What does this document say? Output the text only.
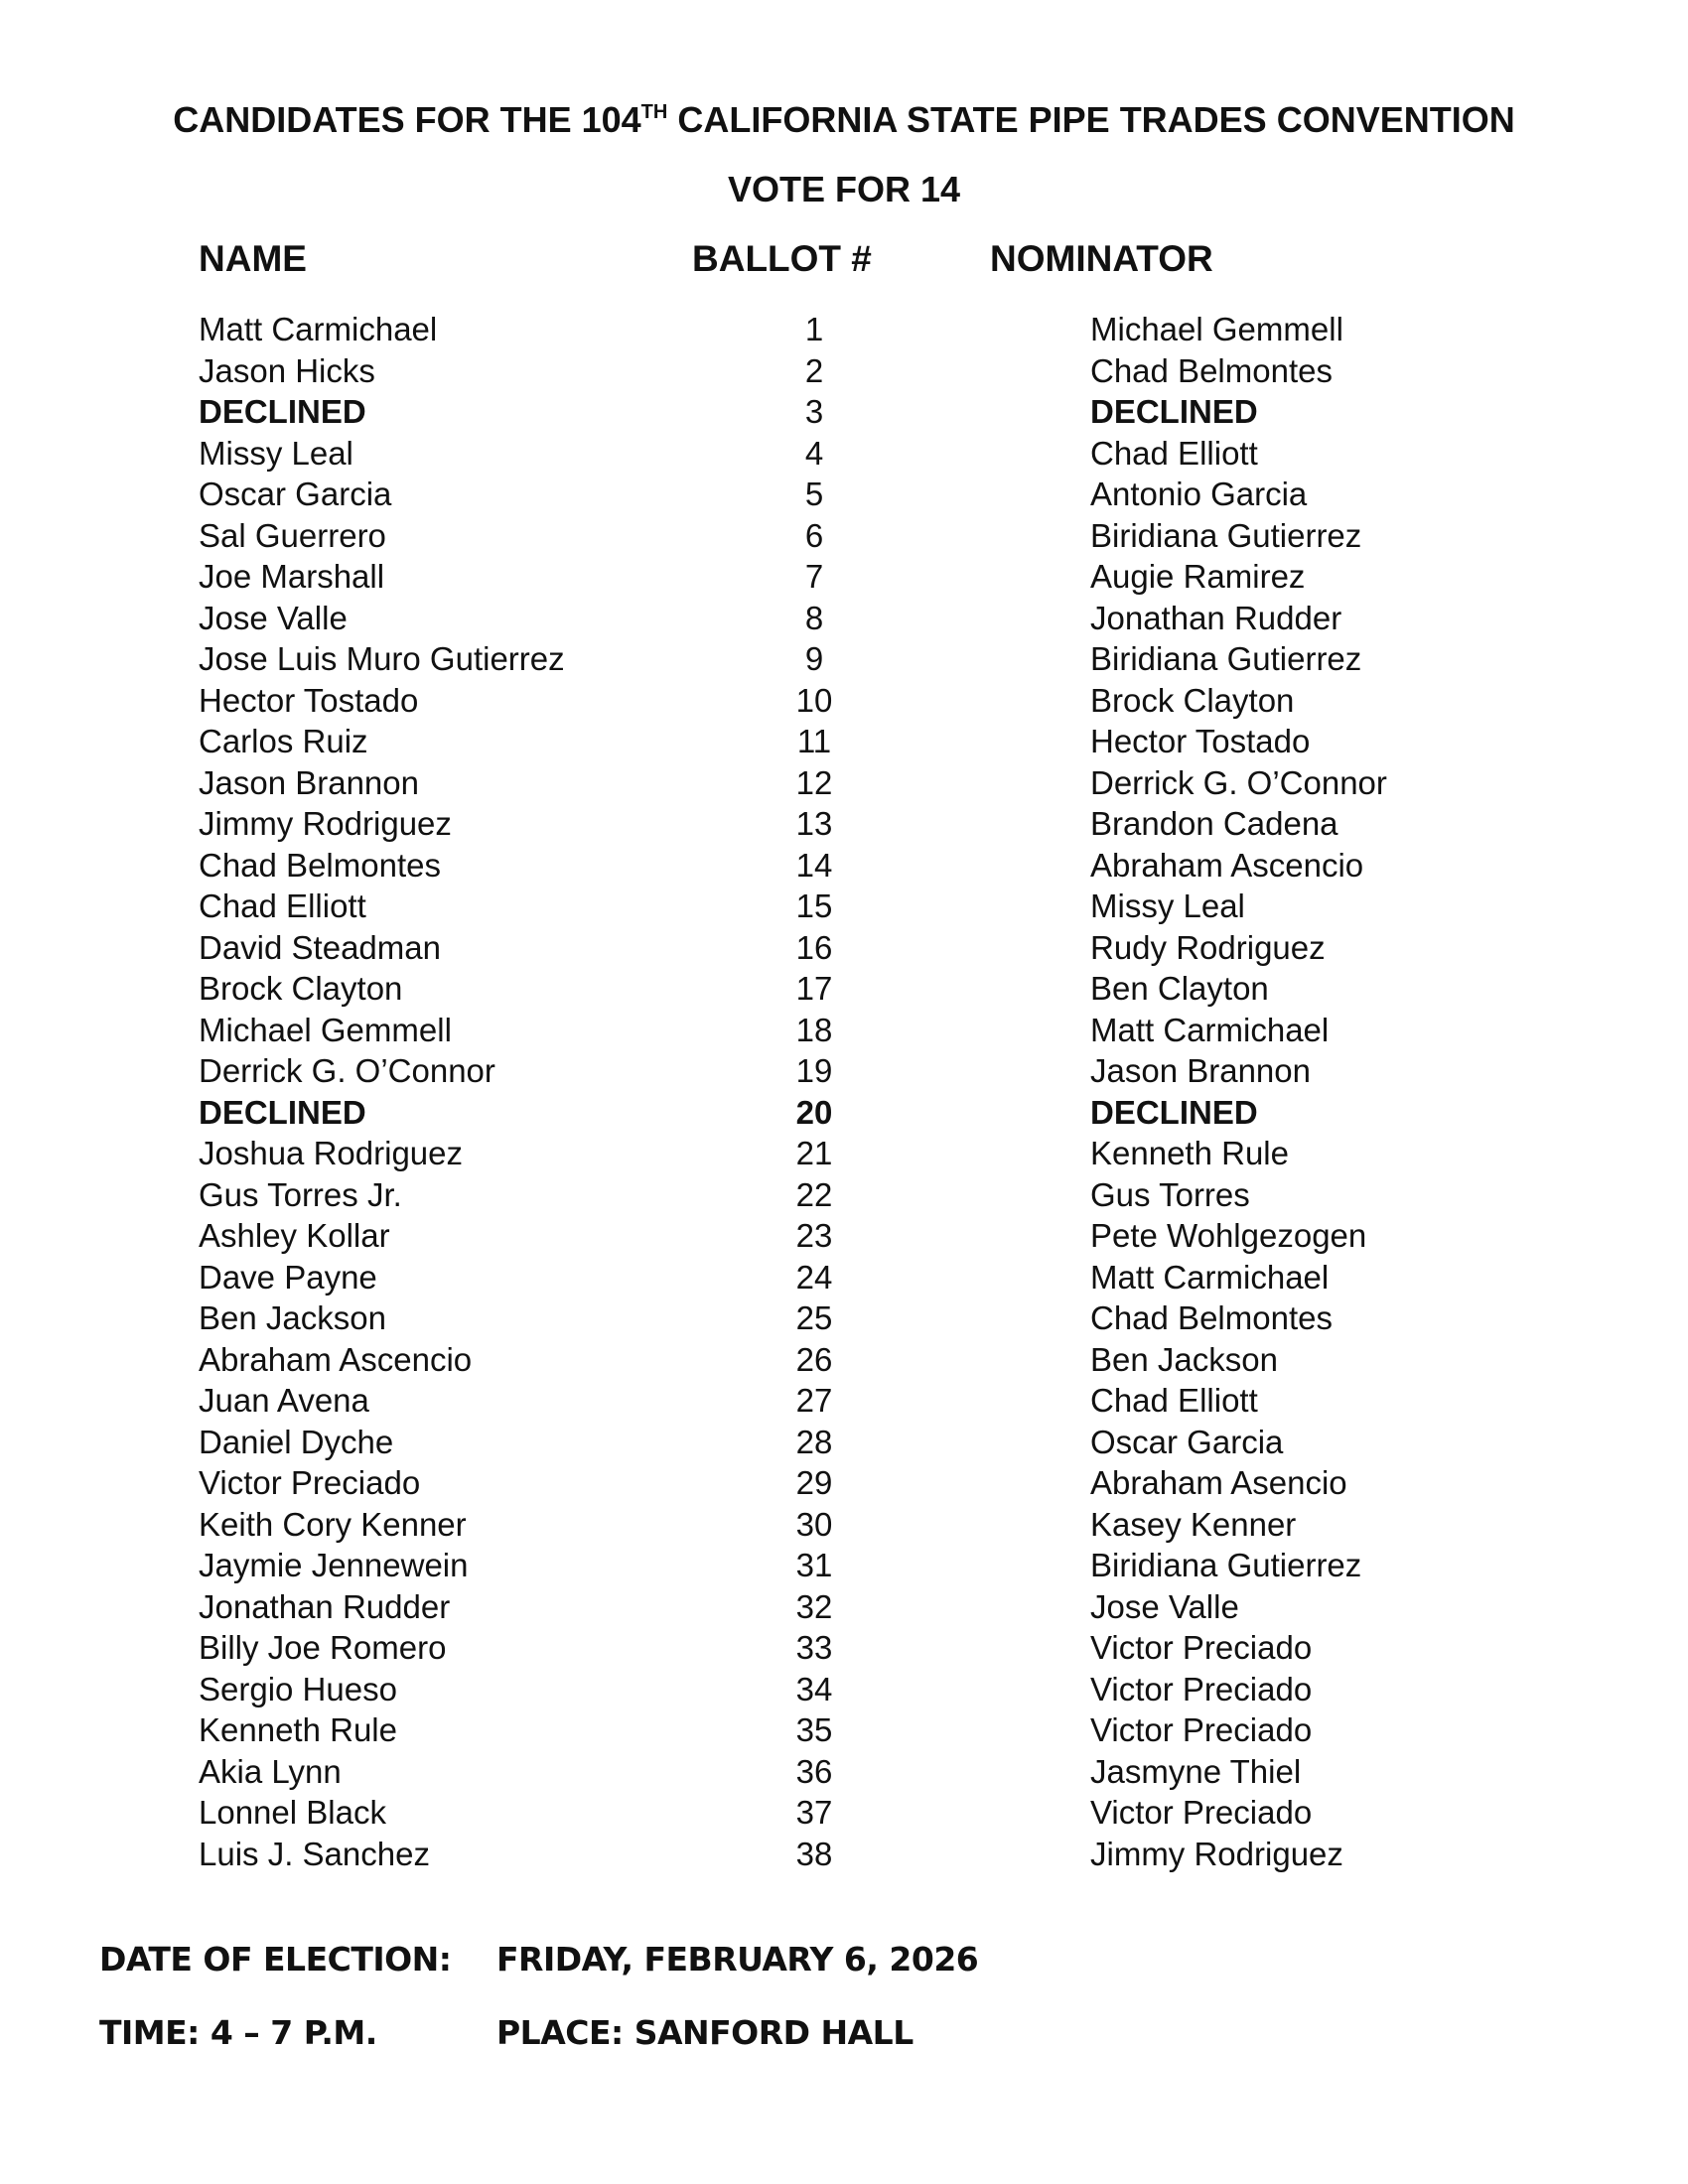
CANDIDATES FOR THE 104TH CALIFORNIA STATE PIPE TRADES CONVENTION
VOTE FOR 14
NAME	BALLOT #	NOMINATOR
Matt Carmichael	1	Michael Gemmell
Jason Hicks	2	Chad Belmontes
DECLINED	3	DECLINED
Missy Leal	4	Chad Elliott
Oscar Garcia	5	Antonio Garcia
Sal Guerrero	6	Biridiana Gutierrez
Joe Marshall	7	Augie Ramirez
Jose Valle	8	Jonathan Rudder
Jose Luis Muro Gutierrez	9	Biridiana Gutierrez
Hector Tostado	10	Brock Clayton
Carlos Ruiz	11	Hector Tostado
Jason Brannon	12	Derrick G. O’Connor
Jimmy Rodriguez	13	Brandon Cadena
Chad Belmontes	14	Abraham Ascencio
Chad Elliott	15	Missy Leal
David Steadman	16	Rudy Rodriguez
Brock Clayton	17	Ben Clayton
Michael Gemmell	18	Matt Carmichael
Derrick G. O’Connor	19	Jason Brannon
DECLINED	20	DECLINED
Joshua Rodriguez	21	Kenneth Rule
Gus Torres Jr.	22	Gus Torres
Ashley Kollar	23	Pete Wohlgezogen
Dave Payne	24	Matt Carmichael
Ben Jackson	25	Chad Belmontes
Abraham Ascencio	26	Ben Jackson
Juan Avena	27	Chad Elliott
Daniel Dyche	28	Oscar Garcia
Victor Preciado	29	Abraham Asencio
Keith Cory Kenner	30	Kasey Kenner
Jaymie Jennewein	31	Biridiana Gutierrez
Jonathan Rudder	32	Jose Valle
Billy Joe Romero	33	Victor Preciado
Sergio Hueso	34	Victor Preciado
Kenneth Rule	35	Victor Preciado
Akia Lynn	36	Jasmyne Thiel
Lonnel Black	37	Victor Preciado
Luis J. Sanchez	38	Jimmy Rodriguez
DATE OF ELECTION: FRIDAY, FEBRUARY 6, 2026
TIME: 4 – 7 P.M.	PLACE: SANFORD HALL
